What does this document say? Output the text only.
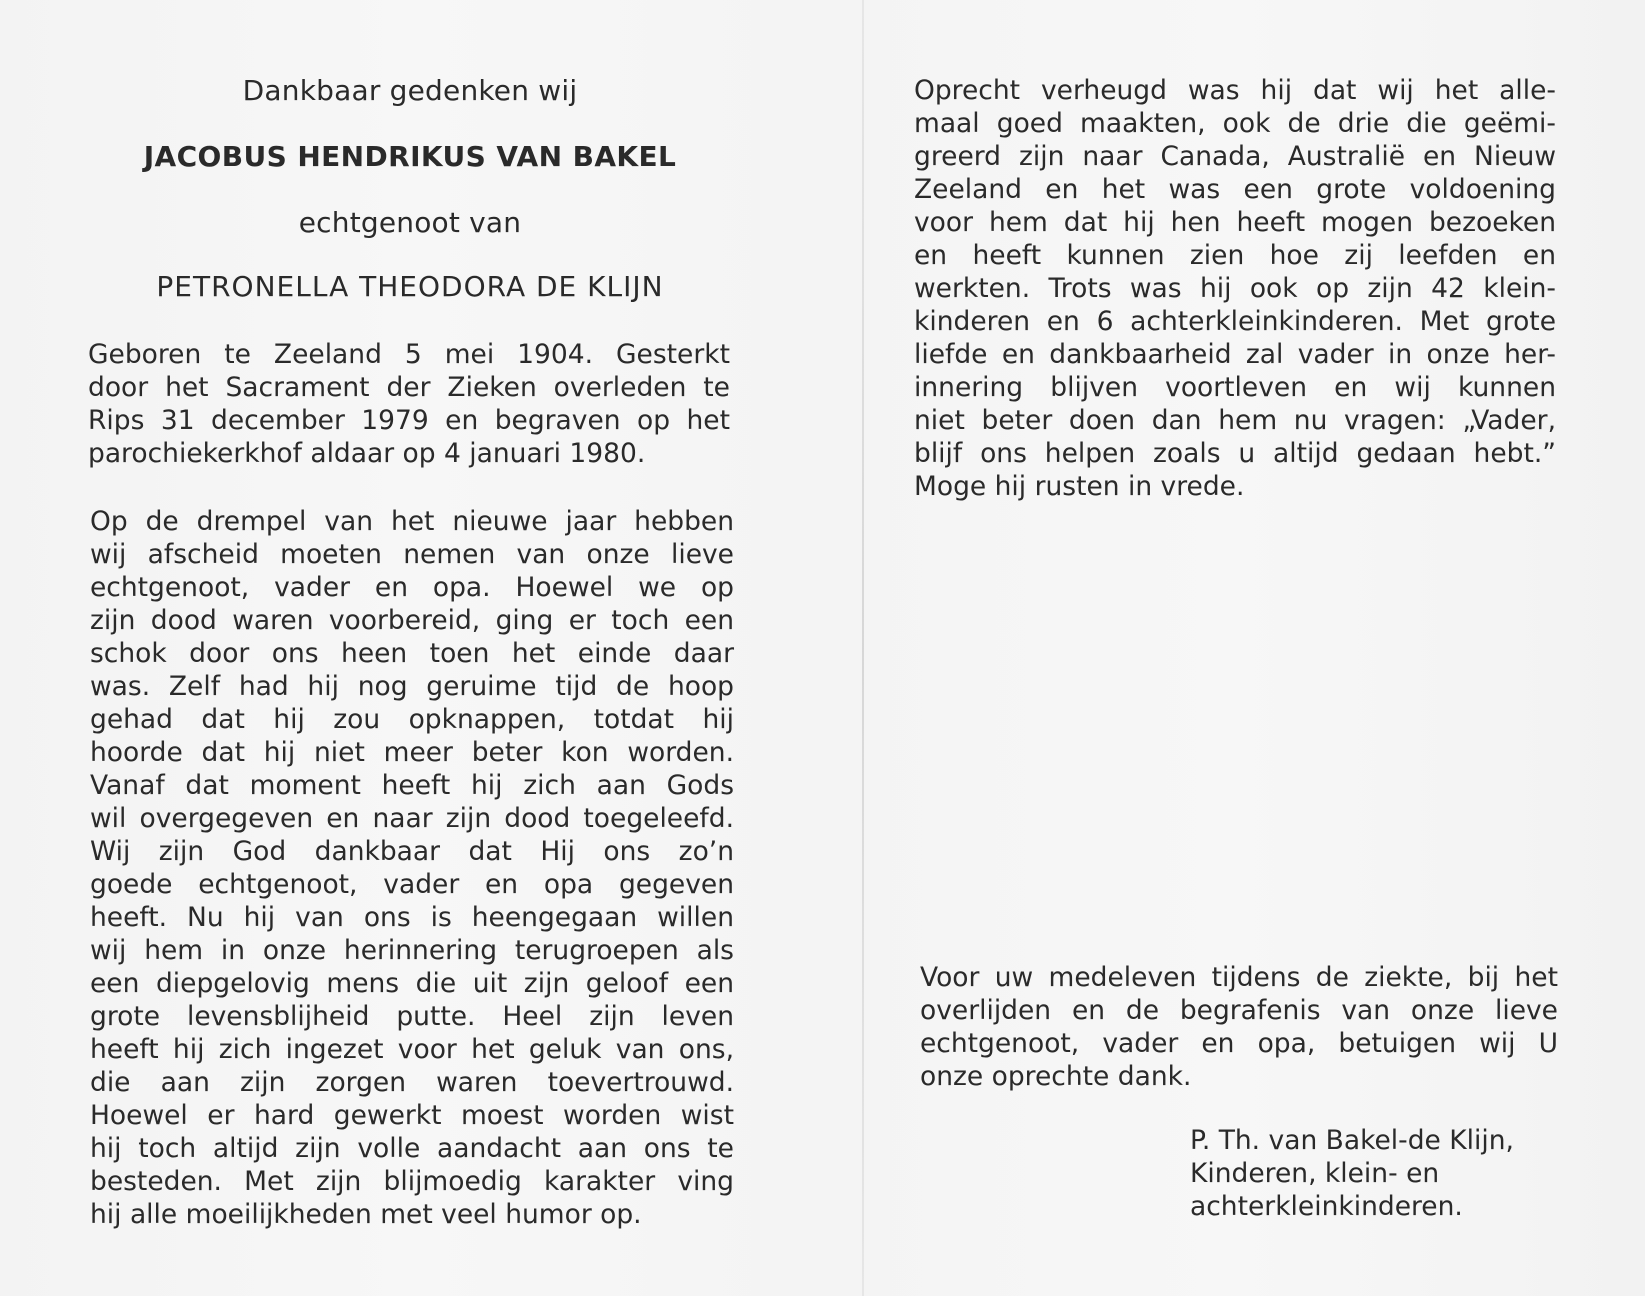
Dankbaar gedenken wij
JACOBUS HENDRIKUS VAN BAKEL
echtgenoot van
PETRONELLA THEODORA DE KLIJN
Geboren te Zeeland 5 mei 1904. Gesterkt
door het Sacrament der Zieken overleden te
Rips 31 december 1979 en begraven op het
parochiekerkhof aldaar op 4 januari 1980.
Op de drempel van het nieuwe jaar hebben
wij afscheid moeten nemen van onze lieve
echtgenoot, vader en opa. Hoewel we op
zijn dood waren voorbereid, ging er toch een
schok door ons heen toen het einde daar
was. Zelf had hij nog geruime tijd de hoop
gehad dat hij zou opknappen, totdat hij
hoorde dat hij niet meer beter kon worden.
Vanaf dat moment heeft hij zich aan Gods
wil overgegeven en naar zijn dood toegeleefd.
Wij zijn God dankbaar dat Hij ons zo’n
goede echtgenoot, vader en opa gegeven
heeft. Nu hij van ons is heengegaan willen
wij hem in onze herinnering terugroepen als
een diepgelovig mens die uit zijn geloof een
grote levensblijheid putte. Heel zijn leven
heeft hij zich ingezet voor het geluk van ons,
die aan zijn zorgen waren toevertrouwd.
Hoewel er hard gewerkt moest worden wist
hij toch altijd zijn volle aandacht aan ons te
besteden. Met zijn blijmoedig karakter ving
hij alle moeilijkheden met veel humor op.
Oprecht verheugd was hij dat wij het alle-
maal goed maakten, ook de drie die geëmi-
greerd zijn naar Canada, Australië en Nieuw
Zeeland en het was een grote voldoening
voor hem dat hij hen heeft mogen bezoeken
en heeft kunnen zien hoe zij leefden en
werkten. Trots was hij ook op zijn 42 klein-
kinderen en 6 achterkleinkinderen. Met grote
liefde en dankbaarheid zal vader in onze her-
innering blijven voortleven en wij kunnen
niet beter doen dan hem nu vragen: „Vader,
blijf ons helpen zoals u altijd gedaan hebt.”
Moge hij rusten in vrede.
Voor uw medeleven tijdens de ziekte, bij het
overlijden en de begrafenis van onze lieve
echtgenoot, vader en opa, betuigen wij U
onze oprechte dank.
P. Th. van Bakel-de Klijn,
Kinderen, klein- en
achterkleinkinderen.
